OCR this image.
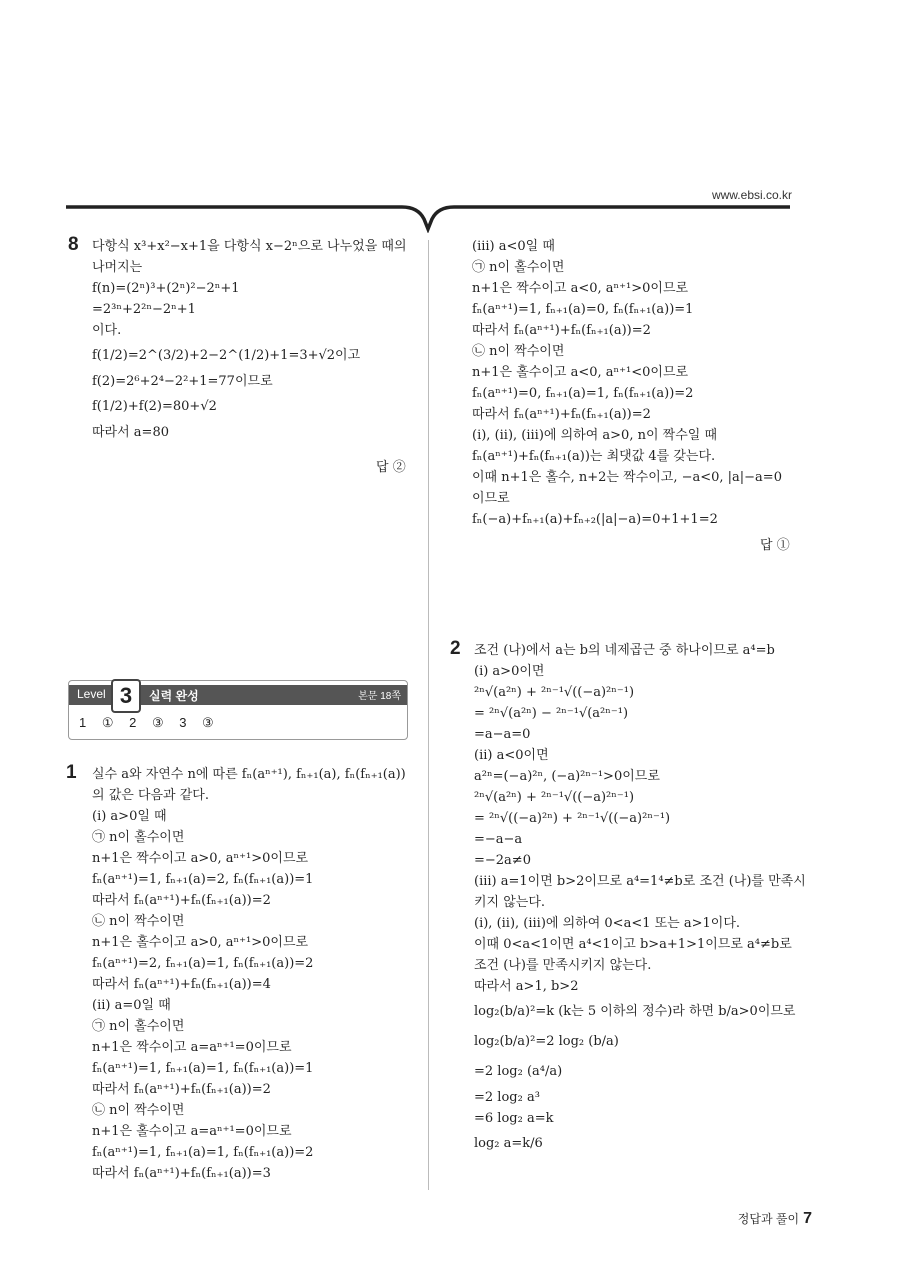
www.ebsi.co.kr
8 다항식 x³+x²−x+1을 다항식 x−2ⁿ으로 나누었을 때의
나머지는
f(n)=(2ⁿ)³+(2ⁿ)²−2ⁿ+1
=2³ⁿ+2²ⁿ−2ⁿ+1
이다.
f(1/2)=2^(3/2)+2−2^(1/2)+1=3+√2이고
f(2)=2⁶+2⁴−2²+1=77이므로
f(1/2)+f(2)=80+√2
따라서 a=80
답 ②
(iii) a<0일 때
㉠ n이 홀수이면
n+1은 짝수이고 a<0, aⁿ⁺¹>0이므로
fₙ(aⁿ⁺¹)=1, fₙ₊₁(a)=0, fₙ(fₙ₊₁(a))=1
따라서 fₙ(aⁿ⁺¹)+fₙ(fₙ₊₁(a))=2
㉡ n이 짝수이면
n+1은 홀수이고 a<0, aⁿ⁺¹<0이므로
fₙ(aⁿ⁺¹)=0, fₙ₊₁(a)=1, fₙ(fₙ₊₁(a))=2
따라서 fₙ(aⁿ⁺¹)+fₙ(fₙ₊₁(a))=2
(i), (ii), (iii)에 의하여 a>0, n이 짝수일 때
fₙ(aⁿ⁺¹)+fₙ(fₙ₊₁(a))는 최댓값 4를 갖는다.
이때 n+1은 홀수, n+2는 짝수이고, −a<0, |a|−a=0
이므로
fₙ(−a)+fₙ₊₁(a)+fₙ₊₂(|a|−a)=0+1+1=2
답 ①
Level 3	실력 완성	본문 18쪽
1 ① 2 ③ 3 ③
1 실수 a와 자연수 n에 따른 fₙ(aⁿ⁺¹), fₙ₊₁(a), fₙ(fₙ₊₁(a))
의 값은 다음과 같다.
(i) a>0일 때
㉠ n이 홀수이면
n+1은 짝수이고 a>0, aⁿ⁺¹>0이므로
fₙ(aⁿ⁺¹)=1, fₙ₊₁(a)=2, fₙ(fₙ₊₁(a))=1
따라서 fₙ(aⁿ⁺¹)+fₙ(fₙ₊₁(a))=2
㉡ n이 짝수이면
n+1은 홀수이고 a>0, aⁿ⁺¹>0이므로
fₙ(aⁿ⁺¹)=2, fₙ₊₁(a)=1, fₙ(fₙ₊₁(a))=2
따라서 fₙ(aⁿ⁺¹)+fₙ(fₙ₊₁(a))=4
(ii) a=0일 때
㉠ n이 홀수이면
n+1은 짝수이고 a=aⁿ⁺¹=0이므로
fₙ(aⁿ⁺¹)=1, fₙ₊₁(a)=1, fₙ(fₙ₊₁(a))=1
따라서 fₙ(aⁿ⁺¹)+fₙ(fₙ₊₁(a))=2
㉡ n이 짝수이면
n+1은 홀수이고 a=aⁿ⁺¹=0이므로
fₙ(aⁿ⁺¹)=1, fₙ₊₁(a)=1, fₙ(fₙ₊₁(a))=2
따라서 fₙ(aⁿ⁺¹)+fₙ(fₙ₊₁(a))=3
2 조건 (나)에서 a는 b의 네제곱근 중 하나이므로 a⁴=b
(i) a>0이면
²ⁿ√(a²ⁿ) + ²ⁿ⁻¹√((−a)²ⁿ⁻¹)
= ²ⁿ√(a²ⁿ) − ²ⁿ⁻¹√(a²ⁿ⁻¹)
=a−a=0
(ii) a<0이면
a²ⁿ=(−a)²ⁿ, (−a)²ⁿ⁻¹>0이므로
²ⁿ√(a²ⁿ) + ²ⁿ⁻¹√((−a)²ⁿ⁻¹)
= ²ⁿ√((−a)²ⁿ) + ²ⁿ⁻¹√((−a)²ⁿ⁻¹)
=−a−a
=−2a≠0
(iii) a=1이면 b>2이므로 a⁴=1⁴≠b로 조건 (나)를 만족시
키지 않는다.
(i), (ii), (iii)에 의하여 0<a<1 또는 a>1이다.
이때 0<a<1이면 a⁴<1이고 b>a+1>1이므로 a⁴≠b로
조건 (나)를 만족시키지 않는다.
따라서 a>1, b>2
log₂(b/a)²=k (k는 5 이하의 정수)라 하면 b/a>0이므로
log₂(b/a)²=2 log₂ (b/a)
=2 log₂ (a⁴/a)
=2 log₂ a³
=6 log₂ a=k
log₂ a=k/6
정답과 풀이 7
